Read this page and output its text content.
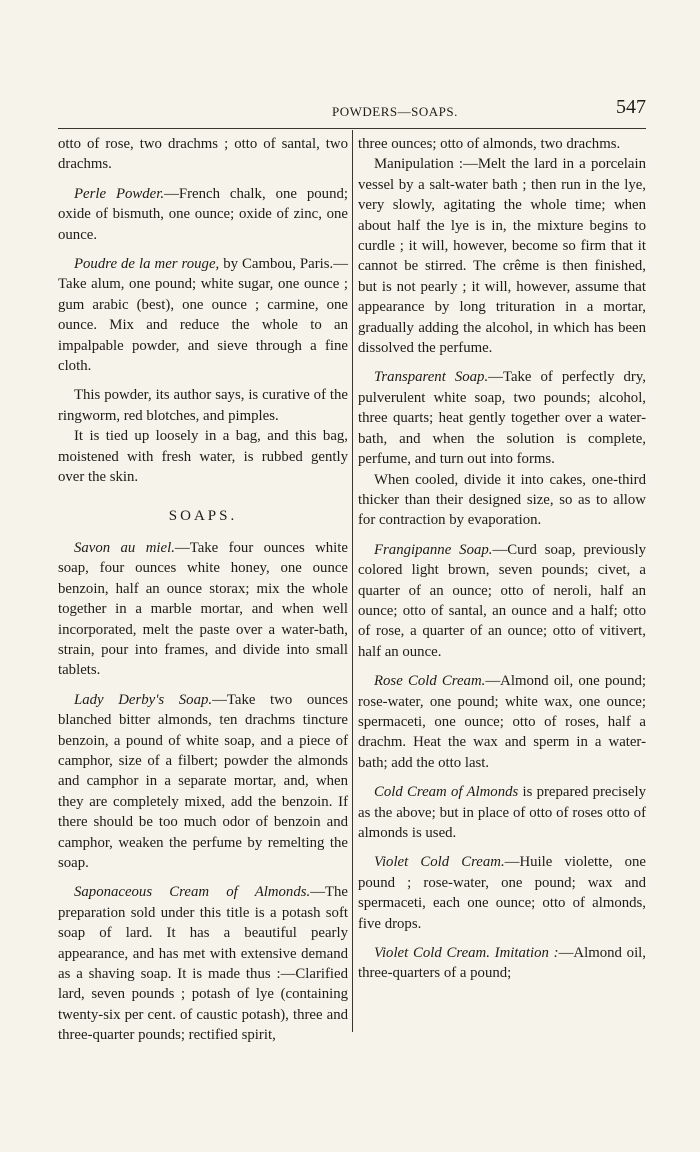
POWDERS—SOAPS.	547

otto of rose, two drachms ; otto of santal, two drachms.

Perle Powder.—French chalk, one pound; oxide of bismuth, one ounce; oxide of zinc, one ounce.

Poudre de la mer rouge, by Cambou, Paris.—Take alum, one pound; white sugar, one ounce ; gum arabic (best), one ounce ; carmine, one ounce. Mix and reduce the whole to an impalpable powder, and sieve through a fine cloth.

This powder, its author says, is curative of the ringworm, red blotches, and pimples.

It is tied up loosely in a bag, and this bag, moistened with fresh water, is rubbed gently over the skin.

SOAPS.

Savon au miel.—Take four ounces white soap, four ounces white honey, one ounce benzoin, half an ounce storax; mix the whole together in a marble mortar, and when well incorporated, melt the paste over a water-bath, strain, pour into frames, and divide into small tablets.

Lady Derby's Soap.—Take two ounces blanched bitter almonds, ten drachms tincture benzoin, a pound of white soap, and a piece of camphor, size of a filbert; powder the almonds and camphor in a separate mortar, and, when they are completely mixed, add the benzoin. If there should be too much odor of benzoin and camphor, weaken the perfume by remelting the soap.

Saponaceous Cream of Almonds.—The preparation sold under this title is a potash soft soap of lard. It has a beautiful pearly appearance, and has met with extensive demand as a shaving soap. It is made thus :—Clarified lard, seven pounds ; potash of lye (containing twenty-six per cent. of caustic potash), three and three-quarter pounds; rectified spirit,

three ounces; otto of almonds, two drachms.

Manipulation :—Melt the lard in a porcelain vessel by a salt-water bath ; then run in the lye, very slowly, agitating the whole time; when about half the lye is in, the mixture begins to curdle ; it will, however, become so firm that it cannot be stirred. The crême is then finished, but is not pearly ; it will, however, assume that appearance by long trituration in a mortar, gradually adding the alcohol, in which has been dissolved the perfume.

Transparent Soap.—Take of perfectly dry, pulverulent white soap, two pounds; alcohol, three quarts; heat gently together over a water-bath, and when the solution is complete, perfume, and turn out into forms.

When cooled, divide it into cakes, one-third thicker than their designed size, so as to allow for contraction by evaporation.

Frangipanne Soap.—Curd soap, previously colored light brown, seven pounds; civet, a quarter of an ounce; otto of neroli, half an ounce; otto of santal, an ounce and a half; otto of rose, a quarter of an ounce; otto of vitivert, half an ounce.

Rose Cold Cream.—Almond oil, one pound; rose-water, one pound; white wax, one ounce; spermaceti, one ounce; otto of roses, half a drachm. Heat the wax and sperm in a water-bath; add the otto last.

Cold Cream of Almonds is prepared precisely as the above; but in place of otto of roses otto of almonds is used.

Violet Cold Cream.—Huile violette, one pound ; rose-water, one pound; wax and spermaceti, each one ounce; otto of almonds, five drops.

Violet Cold Cream. Imitation :—Almond oil, three-quarters of a pound;
